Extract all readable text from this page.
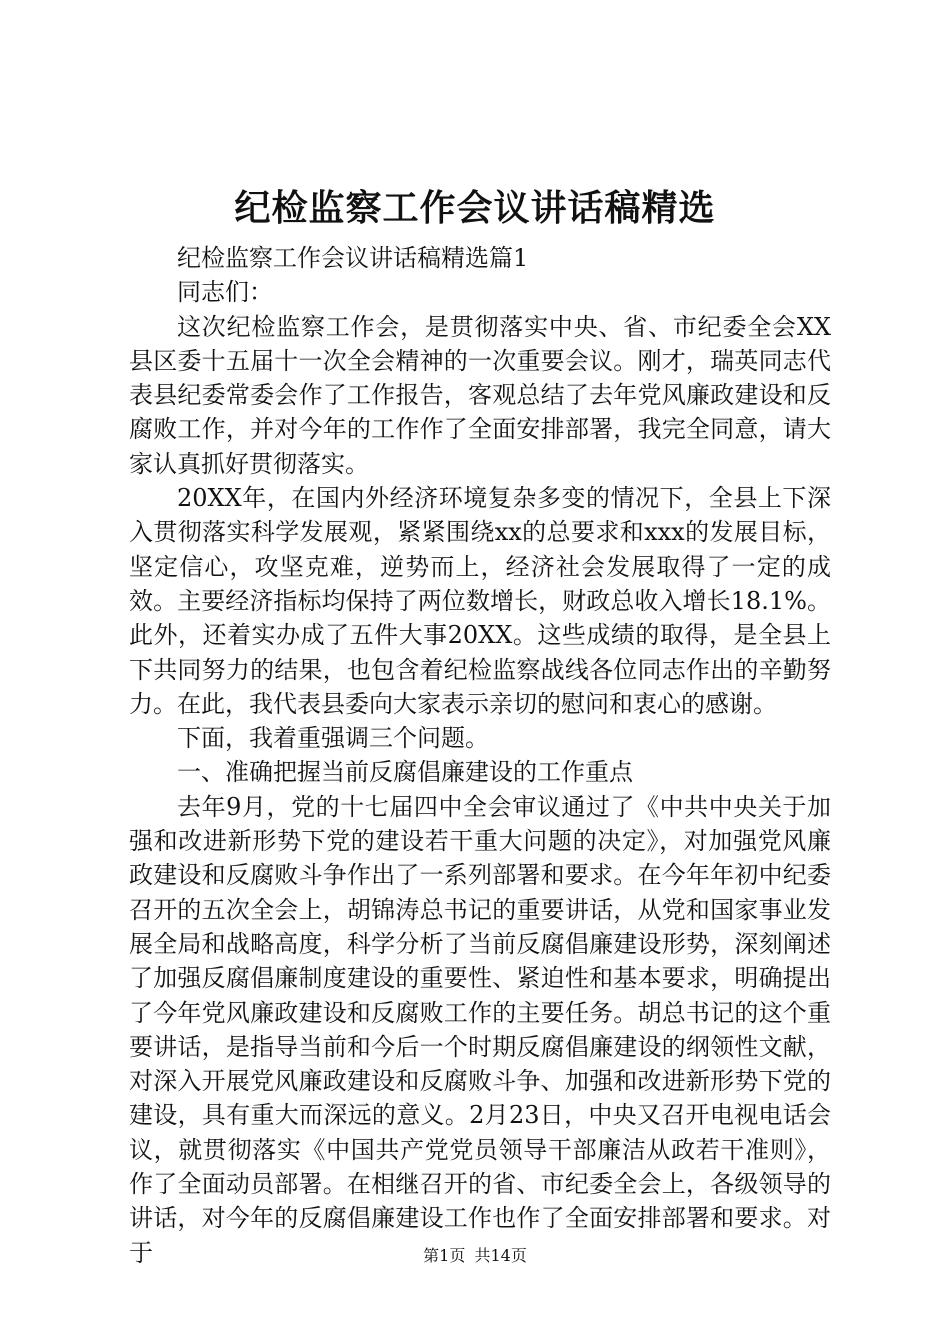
纪检监察工作会议讲话稿精选

纪检监察工作会议讲话稿精选篇1

同志们：

这次纪检监察工作会，是贯彻落实中央、省、市纪委全会XX县区委十五届十一次全会精神的一次重要会议。刚才，瑞英同志代表县纪委常委会作了工作报告，客观总结了去年党风廉政建设和反腐败工作，并对今年的工作作了全面安排部署，我完全同意，请大家认真抓好贯彻落实。

20XX年，在国内外经济环境复杂多变的情况下，全县上下深入贯彻落实科学发展观，紧紧围绕xx的总要求和xxx的发展目标，坚定信心，攻坚克难，逆势而上，经济社会发展取得了一定的成效。主要经济指标均保持了两位数增长，财政总收入增长18.1%。此外，还着实办成了五件大事20XX。这些成绩的取得，是全县上下共同努力的结果，也包含着纪检监察战线各位同志作出的辛勤努力。在此，我代表县委向大家表示亲切的慰问和衷心的感谢。

下面，我着重强调三个问题。

一、准确把握当前反腐倡廉建设的工作重点

去年9月，党的十七届四中全会审议通过了《中共中央关于加强和改进新形势下党的建设若干重大问题的决定》，对加强党风廉政建设和反腐败斗争作出了一系列部署和要求。在今年年初中纪委召开的五次全会上，胡锦涛总书记的重要讲话，从党和国家事业发展全局和战略高度，科学分析了当前反腐倡廉建设形势，深刻阐述了加强反腐倡廉制度建设的重要性、紧迫性和基本要求，明确提出了今年党风廉政建设和反腐败工作的主要任务。胡总书记的这个重要讲话，是指导当前和今后一个时期反腐倡廉建设的纲领性文献，对深入开展党风廉政建设和反腐败斗争、加强和改进新形势下党的建设，具有重大而深远的意义。2月23日，中央又召开电视电话会议，就贯彻落实《中国共产党党员领导干部廉洁从政若干准则》，作了全面动员部署。在相继召开的省、市纪委全会上，各级领导的讲话，对今年的反腐倡廉建设工作也作了全面安排部署和要求。对于	第1页 共14页
